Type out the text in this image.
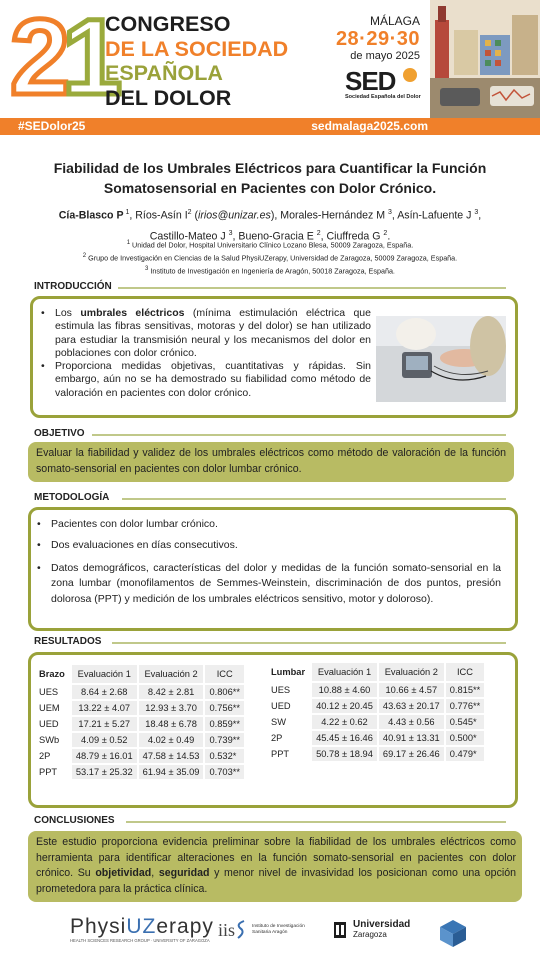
21
CONGRESO
DE LA SOCIEDAD
ESPAÑOLA
DEL DOLOR
MÁLAGA
28·29·30
de mayo 2025
SED
Sociedad Española del Dolor
#SEDolor25	sedmalaga2025.com
Fiabilidad de los Umbrales Eléctricos para Cuantificar la Función Somatosensorial en Pacientes con Dolor Crónico.
Cía-Blasco P $^1$, Ríos-Asín $I^2$ (irios@unizar.es), Morales-Hernández M $^3$, Asín-Lafuente J $^3$,
Castillo-Mateo J $^3$, Bueno-Gracia E $^2$, Ciuffreda G $^2$.
$^1$ Unidad del Dolor, Hospital Universitario Clínico Lozano Blesa, 50009 Zaragoza, España.
$^2$ Grupo de Investigación en Ciencias de la Salud PhysiUZerapy, Universidad de Zaragoza, 50009 Zaragoza, España.
$^3$ Instituto de Investigación en Ingeniería de Aragón, 50018 Zaragoza, España.
INTRODUCCIÓN
• Los umbrales eléctricos (mínima estimulación eléctrica que estimula las fibras sensitivas, motoras y del dolor) se han utilizado para estudiar la transmisión neural y los mecanismos del dolor en poblaciones con dolor crónico.
• Proporciona medidas objetivas, cuantitativas y rápidas. Sin embargo, aún no se ha demostrado su fiabilidad como método de valoración en pacientes con dolor crónico.
OBJETIVO
Evaluar la fiabilidad y validez de los umbrales eléctricos como método de valoración de la función somato-sensorial en pacientes con dolor lumbar crónico.
METODOLOGÍA
• Pacientes con dolor lumbar crónico.
• Dos evaluaciones en días consecutivos.
• Datos demográficos, características del dolor y medidas de la función somato-sensorial en la zona lumbar (monofilamentos de Semmes-Weinstein, discriminación de dos puntos, presión dolorosa (PPT) y medición de los umbrales eléctricos sensitivo, motor y doloroso).
RESULTADOS
Brazo	Evaluación 1	Evaluación 2	ICC
UES	8.64 ± 2.68	8.42 ± 2.81	0.806**
UEM	13.22 ± 4.07	12.93 ± 3.70	0.756**
UED	17.21 ± 5.27	18.48 ± 6.78	0.859**
SWb	4.09 ± 0.52	4.02 ± 0.49	0.739**
2P	48.79 ± 16.01	47.58 ± 14.53	0.532*
PPT	53.17 ± 25.32	61.94 ± 35.09	0.703**
Lumbar	Evaluación 1	Evaluación 2	ICC
UES	10.88 ± 4.60	10.66 ± 4.57	0.815**
UED	40.12 ± 20.45	43.63 ± 20.17	0.776**
SW	4.22 ± 0.62	4.43 ± 0.56	0.545*
2P	45.45 ± 16.46	40.91 ± 13.31	0.500*
PPT	50.78 ± 18.94	69.17 ± 26.46	0.479*
CONCLUSIONES
Este estudio proporciona evidencia preliminar sobre la fiabilidad de los umbrales eléctricos como herramienta para identificar alteraciones en la función somato-sensorial en pacientes con dolor crónico. Su objetividad, seguridad y menor nivel de invasividad los posicionan como una opción prometedora para la práctica clínica.
PhysiUZerapy
HEALTH SCIENCES RESEARCH GROUP · UNIVERSITY OF ZARAGOZA
iis	Instituto de Investigación
Sanitaria Aragón
Universidad
Zaragoza
